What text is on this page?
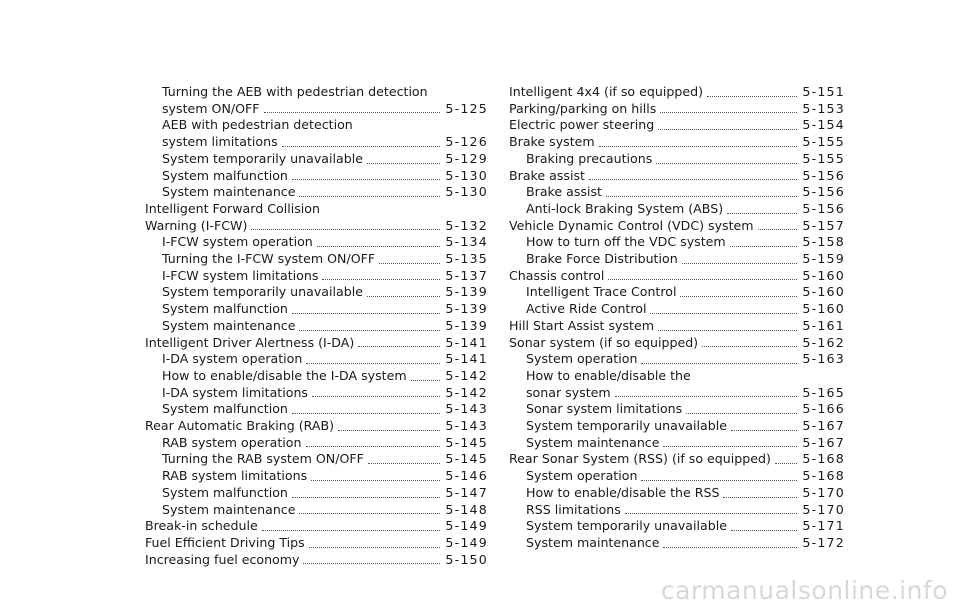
Turning the AEB with pedestrian detection
system ON/OFF	5-125
AEB with pedestrian detection
system limitations	5-126
System temporarily unavailable	5-129
System malfunction	5-130
System maintenance	5-130
Intelligent Forward Collision
Warning (I-FCW)	5-132
I-FCW system operation	5-134
Turning the I-FCW system ON/OFF	5-135
I-FCW system limitations	5-137
System temporarily unavailable	5-139
System malfunction	5-139
System maintenance	5-139
Intelligent Driver Alertness (I-DA)	5-141
I-DA system operation	5-141
How to enable/disable the I-DA system	5-142
I-DA system limitations	5-142
System malfunction	5-143
Rear Automatic Braking (RAB)	5-143
RAB system operation	5-145
Turning the RAB system ON/OFF	5-145
RAB system limitations	5-146
System malfunction	5-147
System maintenance	5-148
Break-in schedule	5-149
Fuel Efficient Driving Tips	5-149
Increasing fuel economy	5-150
Intelligent 4x4 (if so equipped)	5-151
Parking/parking on hills	5-153
Electric power steering	5-154
Brake system	5-155
Braking precautions	5-155
Brake assist	5-156
Brake assist	5-156
Anti-lock Braking System (ABS)	5-156
Vehicle Dynamic Control (VDC) system	5-157
How to turn off the VDC system	5-158
Brake Force Distribution	5-159
Chassis control	5-160
Intelligent Trace Control	5-160
Active Ride Control	5-160
Hill Start Assist system	5-161
Sonar system (if so equipped)	5-162
System operation	5-163
How to enable/disable the
sonar system	5-165
Sonar system limitations	5-166
System temporarily unavailable	5-167
System maintenance	5-167
Rear Sonar System (RSS) (if so equipped) 5-168
System operation	5-168
How to enable/disable the RSS	5-170
RSS limitations	5-170
System temporarily unavailable	5-171
System maintenance	5-172
carmanualsonline.info
